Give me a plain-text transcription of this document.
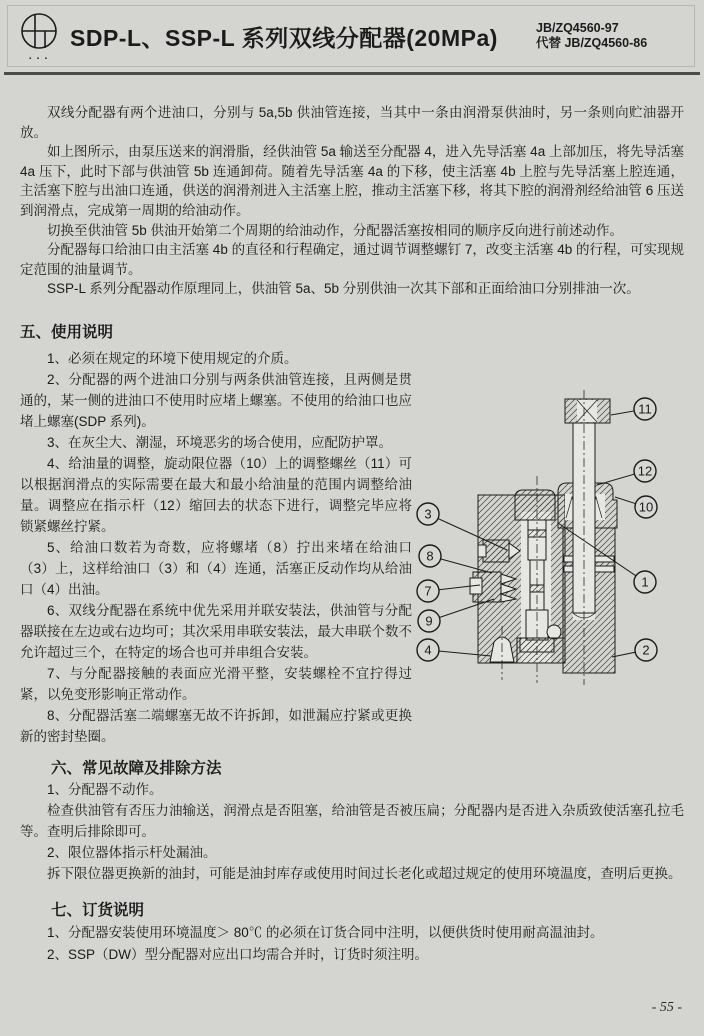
▪ ▪ ▪
SDP-L、SSP-L 系列双线分配器(20MPa)	JB/ZQ4560-97
代替 JB/ZQ4560-86

双线分配器有两个进油口，分别与 5a,5b 供油管连接，当其中一条由润滑泵供油时，另一条则向贮油器开放。

如上图所示，由泵压送来的润滑脂，经供油管 5a 输送至分配器 4，进入先导活塞 4a 上部加压，将先导活塞 4a 压下，此时下部与供油管 5b 连通卸荷。随着先导活塞 4a 的下移，使主活塞 4b 上腔与先导活塞上腔连通，主活塞下腔与出油口连通，供送的润滑剂进入主活塞上腔，推动主活塞下移，将其下腔的润滑剂经给油管 6 压送到润滑点，完成第一周期的给油动作。

切换至供油管 5b 供油开始第二个周期的给油动作，分配器活塞按相同的顺序反向进行前述动作。

分配器每口给油口由主活塞 4b 的直径和行程确定，通过调节调整螺钉 7，改变主活塞 4b 的行程，可实现规定范围的油量调节。

SSP-L 系列分配器动作原理同上，供油管 5a、5b 分别供油一次其下部和正面给油口分别排油一次。

五、使用说明

1、必须在规定的环境下使用规定的介质。

2、分配器的两个进油口分别与两条供油管连接，且两侧是贯通的，某一侧的进油口不使用时应堵上螺塞。不使用的给油口也应堵上螺塞(SDP 系列)。

3、在灰尘大、潮湿，环境恶劣的场合使用，应配防护罩。

4、给油量的调整，旋动限位器（10）上的调整螺丝（11）可以根据润滑点的实际需要在最大和最小给油量的范围内调整给油量。调整应在指示杆（12）缩回去的状态下进行，调整完毕应将锁紧螺丝拧紧。

5、给油口数若为奇数，应将螺堵（8）拧出来堵在给油口（3）上，这样给油口（3）和（4）连通，活塞正反动作均从给油口（4）出油。

6、双线分配器在系统中优先采用并联安装法，供油管与分配器联接在左边或右边均可；其次采用串联安装法，最大串联个数不允许超过三个，在特定的场合也可并串组合安装。

7、与分配器接触的表面应光滑平整，安装螺栓不宜拧得过紧，以免变形影响正常动作。

8、分配器活塞二端螺塞无故不许拆卸，如泄漏应拧紧或更换新的密封垫圈。

11
12
10
1
2
3
8
7
9
4

六、常见故障及排除方法

1、分配器不动作。

检查供油管有否压力油输送，润滑点是否阻塞，给油管是否被压扁；分配器内是否进入杂质致使活塞孔拉毛等。查明后排除即可。

2、限位器体指示杆处漏油。

拆下限位器更换新的油封，可能是油封库存或使用时间过长老化或超过规定的使用环境温度，查明后更换。

七、订货说明

1、分配器安装使用环境温度＞ 80℃ 的必须在订货合同中注明，以便供货时使用耐高温油封。

2、SSP（DW）型分配器对应出口均需合并时，订货时须注明。

- 55 -
